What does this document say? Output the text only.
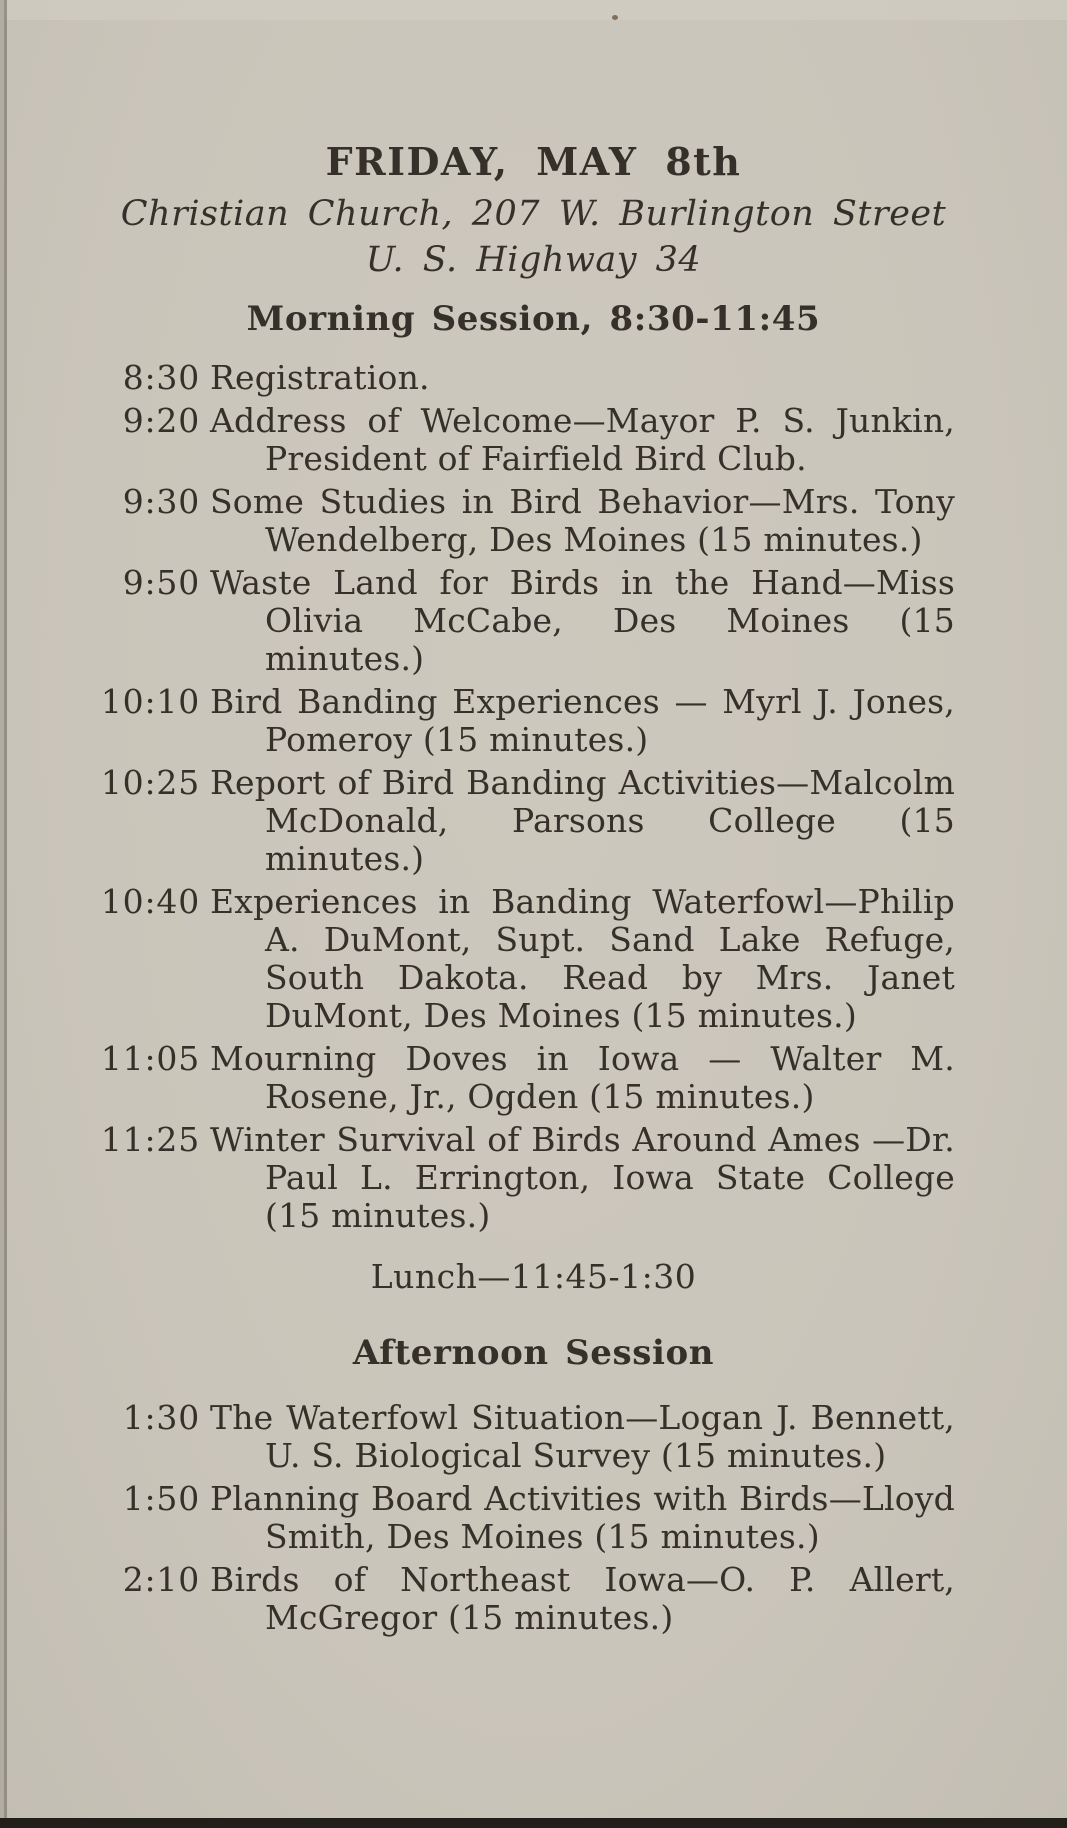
FRIDAY, MAY 8th
Christian Church, 207 W. Burlington Street
U. S. Highway 34
Morning Session, 8:30-11:45
8:30 Registration.
9:20 Address of Welcome—Mayor P. S. Junkin, President of Fairfield Bird Club.
9:30 Some Studies in Bird Behavior—Mrs. Tony Wendelberg, Des Moines (15 minutes.)
9:50 Waste Land for Birds in the Hand—Miss Olivia McCabe, Des Moines (15 minutes.)
10:10 Bird Banding Experiences — Myrl J. Jones, Pomeroy (15 minutes.)
10:25 Report of Bird Banding Activities—Malcolm McDonald, Parsons College (15 minutes.)
10:40 Experiences in Banding Waterfowl—Philip A. DuMont, Supt. Sand Lake Refuge, South Dakota. Read by Mrs. Janet DuMont, Des Moines (15 minutes.)
11:05 Mourning Doves in Iowa — Walter M. Rosene, Jr., Ogden (15 minutes.)
11:25 Winter Survival of Birds Around Ames —Dr. Paul L. Errington, Iowa State College (15 minutes.)
Lunch—11:45-1:30
Afternoon Session
1:30 The Waterfowl Situation—Logan J. Bennett, U. S. Biological Survey (15 minutes.)
1:50 Planning Board Activities with Birds—Lloyd Smith, Des Moines (15 minutes.)
2:10 Birds of Northeast Iowa—O. P. Allert, McGregor (15 minutes.)
